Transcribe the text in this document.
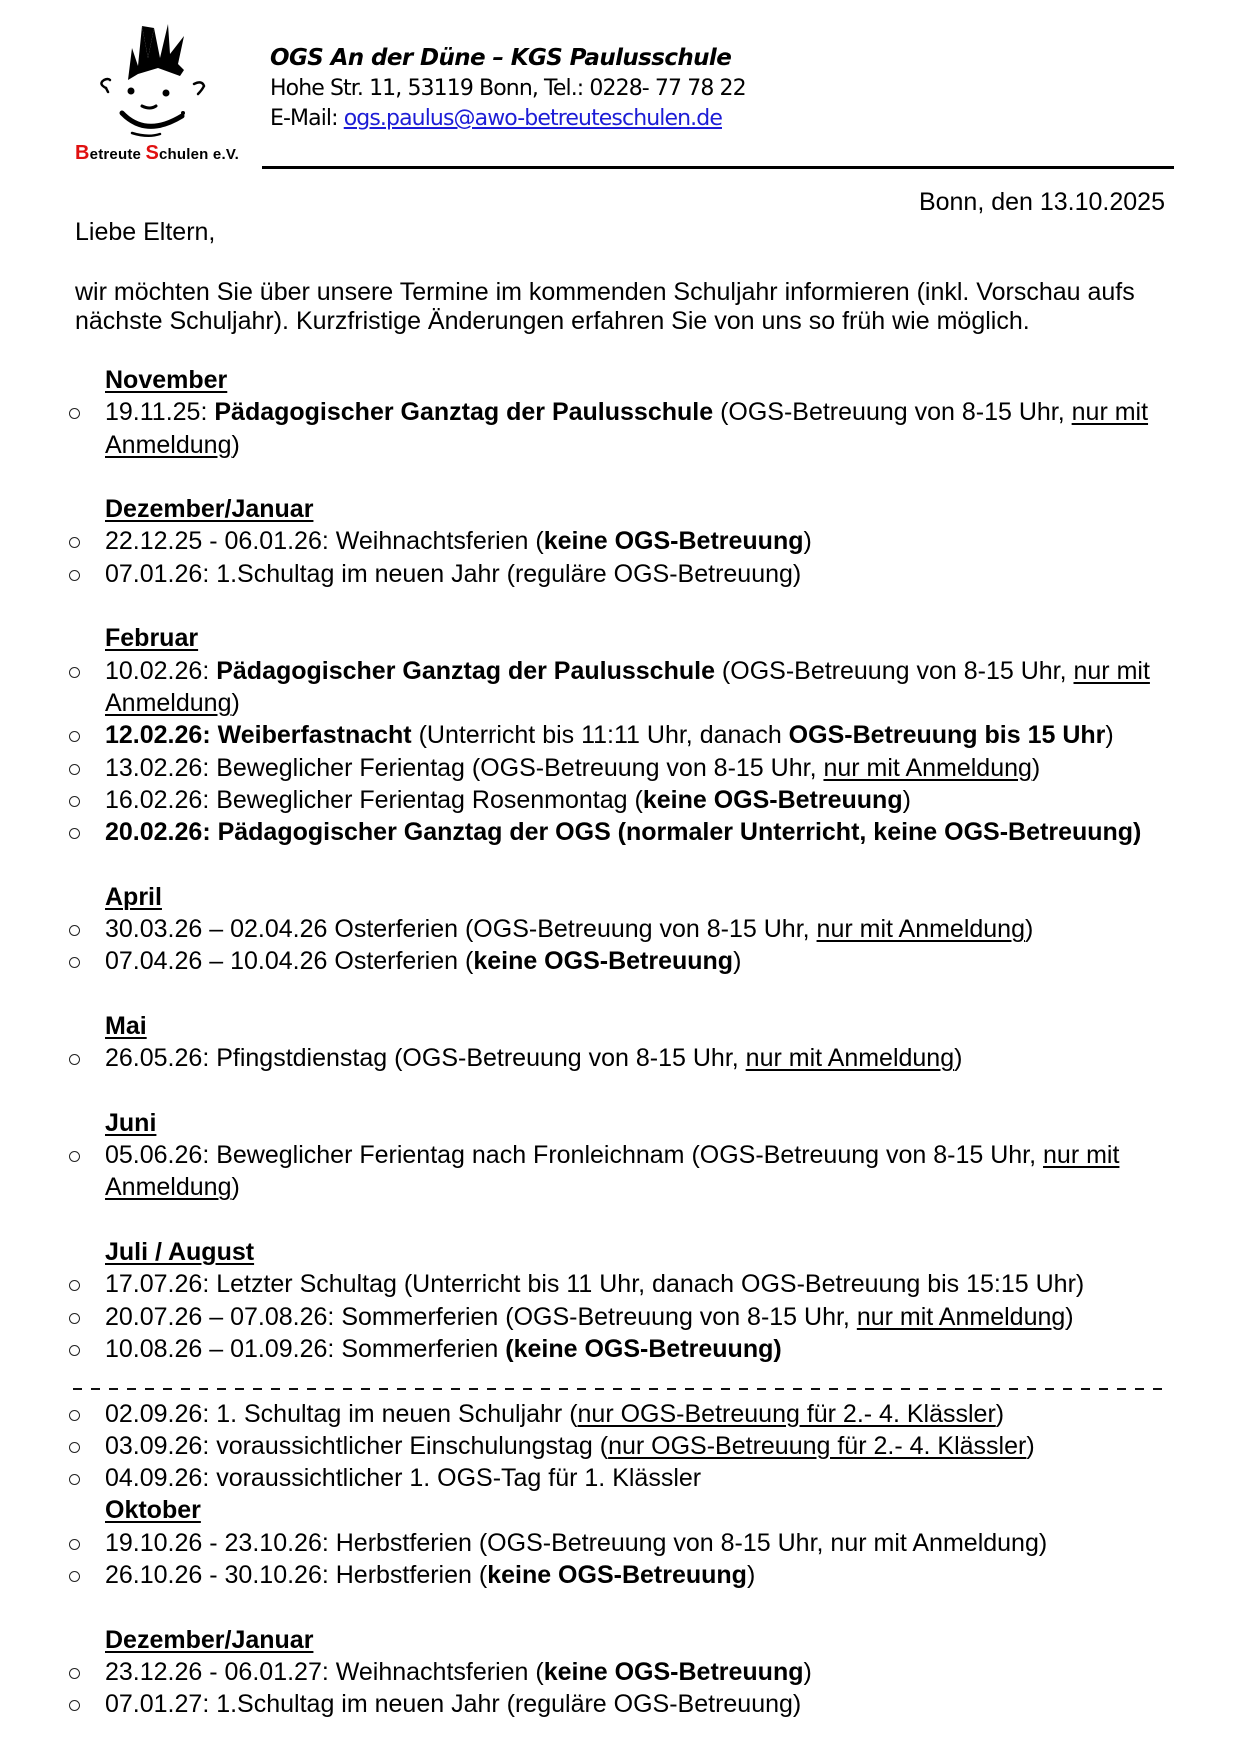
Betreute Schulen e.V.
OGS An der Düne – KGS Paulusschule
Hohe Str. 11, 53119 Bonn, Tel.: 0228- 77 78 22
E-Mail: ogs.paulus@awo-betreuteschulen.de
Bonn, den 13.10.2025
Liebe Eltern,
wir möchten Sie über unsere Termine im kommenden Schuljahr informieren (inkl. Vorschau aufs
nächste Schuljahr). Kurzfristige Änderungen erfahren Sie von uns so früh wie möglich.
November
19.11.25: Pädagogischer Ganztag der Paulusschule (OGS-Betreuung von 8-15 Uhr, nur mit
Anmeldung)
Dezember/Januar
22.12.25 - 06.01.26: Weihnachtsferien (keine OGS-Betreuung)
07.01.26: 1.Schultag im neuen Jahr (reguläre OGS-Betreuung)
Februar
10.02.26: Pädagogischer Ganztag der Paulusschule (OGS-Betreuung von 8-15 Uhr, nur mit
Anmeldung)
12.02.26: Weiberfastnacht (Unterricht bis 11:11 Uhr, danach OGS-Betreuung bis 15 Uhr)
13.02.26: Beweglicher Ferientag (OGS-Betreuung von 8-15 Uhr, nur mit Anmeldung)
16.02.26: Beweglicher Ferientag Rosenmontag (keine OGS-Betreuung)
20.02.26: Pädagogischer Ganztag der OGS (normaler Unterricht, keine OGS-Betreuung)
April
30.03.26 – 02.04.26 Osterferien (OGS-Betreuung von 8-15 Uhr, nur mit Anmeldung)
07.04.26 – 10.04.26 Osterferien (keine OGS-Betreuung)
Mai
26.05.26: Pfingstdienstag (OGS-Betreuung von 8-15 Uhr, nur mit Anmeldung)
Juni
05.06.26: Beweglicher Ferientag nach Fronleichnam (OGS-Betreuung von 8-15 Uhr, nur mit
Anmeldung)
Juli / August
17.07.26: Letzter Schultag (Unterricht bis 11 Uhr, danach OGS-Betreuung bis 15:15 Uhr)
20.07.26 – 07.08.26: Sommerferien (OGS-Betreuung von 8-15 Uhr, nur mit Anmeldung)
10.08.26 – 01.09.26: Sommerferien (keine OGS-Betreuung)
02.09.26: 1. Schultag im neuen Schuljahr (nur OGS-Betreuung für 2.- 4. Klässler)
03.09.26: voraussichtlicher Einschulungstag (nur OGS-Betreuung für 2.- 4. Klässler)
04.09.26: voraussichtlicher 1. OGS-Tag für 1. Klässler
Oktober
19.10.26 - 23.10.26: Herbstferien (OGS-Betreuung von 8-15 Uhr, nur mit Anmeldung)
26.10.26 - 30.10.26: Herbstferien (keine OGS-Betreuung)
Dezember/Januar
23.12.26 - 06.01.27: Weihnachtsferien (keine OGS-Betreuung)
07.01.27: 1.Schultag im neuen Jahr (reguläre OGS-Betreuung)
